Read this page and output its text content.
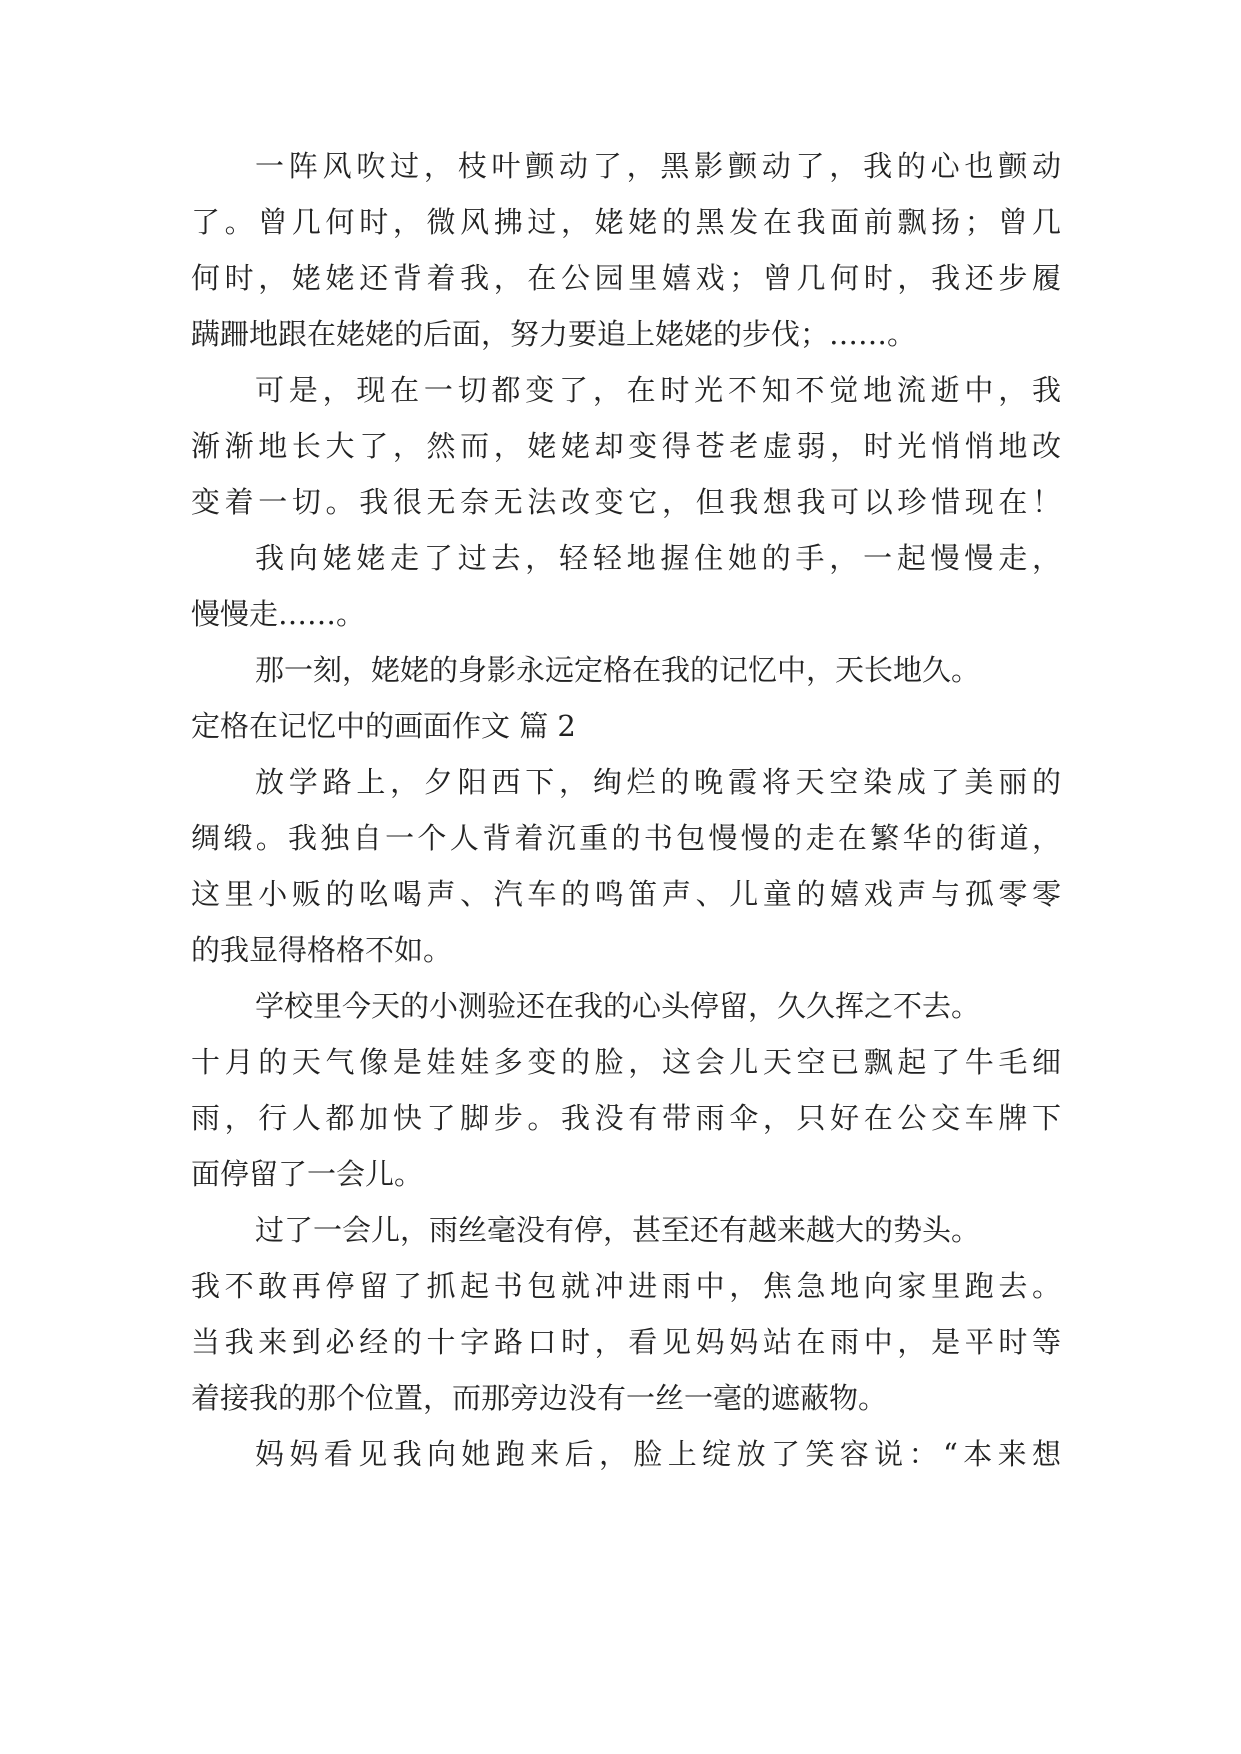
一阵风吹过，枝叶颤动了，黑影颤动了，我的心也颤动
了。曾几何时，微风拂过，姥姥的黑发在我面前飘扬；曾几
何时，姥姥还背着我，在公园里嬉戏；曾几何时，我还步履
蹒跚地跟在姥姥的后面，努力要追上姥姥的步伐；……。
可是，现在一切都变了，在时光不知不觉地流逝中，我
渐渐地长大了，然而，姥姥却变得苍老虚弱，时光悄悄地改
变着一切。我很无奈无法改变它，但我想我可以珍惜现在！
我向姥姥走了过去，轻轻地握住她的手，一起慢慢走，
慢慢走……。
那一刻，姥姥的身影永远定格在我的记忆中，天长地久。
定格在记忆中的画面作文 篇 2
放学路上，夕阳西下，绚烂的晚霞将天空染成了美丽的
绸缎。我独自一个人背着沉重的书包慢慢的走在繁华的街道，
这里小贩的吆喝声、汽车的鸣笛声、儿童的嬉戏声与孤零零
的我显得格格不如。
学校里今天的小测验还在我的心头停留，久久挥之不去。
十月的天气像是娃娃多变的脸，这会儿天空已飘起了牛毛细
雨，行人都加快了脚步。我没有带雨伞，只好在公交车牌下
面停留了一会儿。
过了一会儿，雨丝毫没有停，甚至还有越来越大的势头。
我不敢再停留了抓起书包就冲进雨中，焦急地向家里跑去。
当我来到必经的十字路口时，看见妈妈站在雨中，是平时等
着接我的那个位置，而那旁边没有一丝一毫的遮蔽物。
妈妈看见我向她跑来后，脸上绽放了笑容说：“本来想
